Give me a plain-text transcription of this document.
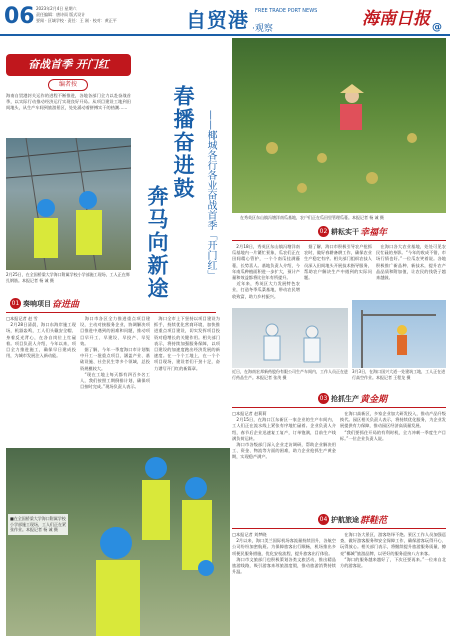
06 2023年2月4日 星期六
责任编辑：唐诗雨 版式设计
要闻 · 区域学校 · 责任：王 刚 · 校对：黄正平	自贸港 FREE TRADE PORT NEWS
·观察	海南日报 @
奋战首季 开门红
编者按
海南自贸港封关运作的进程不断推进，各地各部门全力以赴奋战首季，以实际行动推动经济运行实现良好开局。从项目建设工地到田间地头，从生产车间到旅游景区，处处涌动着拼搏实干的热潮……
2月25日，在全国桥梁大学海口附属学校小学部施工现场，工人正在绑扎钢筋。本报记者 杨 诚 摄
01 奏响项目 奋进曲
□本报记者 赵 雪
　2月28日清晨，海口东海岸施工现场，机器轰鸣，工人们头戴安全帽、身着反光背心，在各自岗位上忙碌着。项目负责人介绍，今年以来，项目全力推进施工，确保早日建成投用，为城市发展注入新动能。
　海口市各区全力推进重点项目建设，主动对接服务企业，协调解决项目推进中遇到的困难和问题，推动项目早开工、早建设、早投产、早见效。
　据了解，今年一季度海口市计划集中开工一批重点项目，涵盖产业、基础设施、社会民生等多个领域，总投资规模较大。
　“现在工地上每天都有四百多名工人，我们按照工期倒排计划，确保项目按时完成。”现场负责人表示。
　海口全市上下坚持以项目建设为抓手，持续优化营商环境，加快推进重点项目建设，切实发挥项目投资对稳增长的关键作用。相关部门表示，将持续加强服务保障，以项目建设的加速度跑出经济发展的新速度。在一个个工地上，在一个个项目现场，建设者们干劲十足，奋力谱写开门红的新篇章。
■在全国桥梁大学海口附属学校小学部施工现场，工人们正在紧张作业。本报记者 杨 诚 摄
在秀英区东山镇冯塘洋南瓜基地，农户们正在瓜田里管理瓜蔓。本报记者 杨 诚 摄
春播奋进鼓
奔马向新途	——椰城各行各业奋战首季「开门红」	02 耕耘实干 幸福年
　2月18日，秀英区东山镇冯塘洋南瓜基地内一片繁忙景象，瓜农们正在田间精心管护，一个个南瓜挂满藤蔓，长势喜人。基地负责人介绍，今年南瓜种植面积进一步扩大，预计产量和效益都将比往年有所提升。
　近年来，秀英区大力发展特色农业，打造冬季瓜菜基地，带动农民增收致富，助力乡村振兴。
　据了解，海口市积极引导农户抢抓农时，做好春耕备耕工作，确保农业生产稳定有序。相关部门组织农技人员深入田间地头开展技术指导服务，帮助农户解决生产中遇到的实际问题。
　在海口各大农业基地，处处可见农民忙碌的身影。“今年的收成不错，市场行情也好。”一位瓜农笑着说。各地积极推广新品种、新技术，提升农产品品质和附加值，让农民的钱袋子越来越鼓。
近日，在海南宏邦新药股份有限公司生产车间内，工作人员正在进行药品生产。本报记者 张茂 摄
3月3日，在海口国兴大道一处建筑工地，工人正在进行高空作业。本报记者 王程龙 摄
03 抢抓生产 黄金期
□本报记者 赵莉莉
　2月15日，在海口江东新区一家企业的生产车间内，工人们正在流水线上紧张有序地忙碌着。企业负责人介绍，春节后企业迅速复工复产，订单饱满，目前生产线满负荷运转。
　海口市各级部门深入企业走访调研，帮助企业解决用工、资金、物流等方面的困难，助力企业抢抓生产黄金期，实现稳产满产。
　在海口高新区，多家企业加大研发投入，推动产品升级换代。园区相关负责人表示，将持续优化服务，为企业发展提供有力保障，推动园区经济高质量发展。
　“我们要抓住开局的有利时机，全力冲刺一季度生产目标。”一位企业负责人说。
04 护航旅途 群鞋范
□本报记者 刘梦晓
　2月以来，海口美兰国际机场客流量持续回升，各航空公司纷纷加密航班。为保障旅客出行顺畅，机场推出多项便民服务措施，优化安检流程，提升旅客出行体验。
　海口市文旅部门也积极策划各类文旅活动，推出精品旅游线路，吸引游客来琼旅游度假，推动旅游消费持续升温。
　在海口各大景区，游客络绎不绝。景区工作人员加强巡查，做好游客服务和安全保障工作，确保游客玩得开心、玩得放心。相关部门表示，将继续提升旅游服务质量，擦亮“椰城”旅游品牌，以更好的服务迎接八方来客。
　“海口的服务越来越好了，下次还要再来。”一位来自北方的游客说。
